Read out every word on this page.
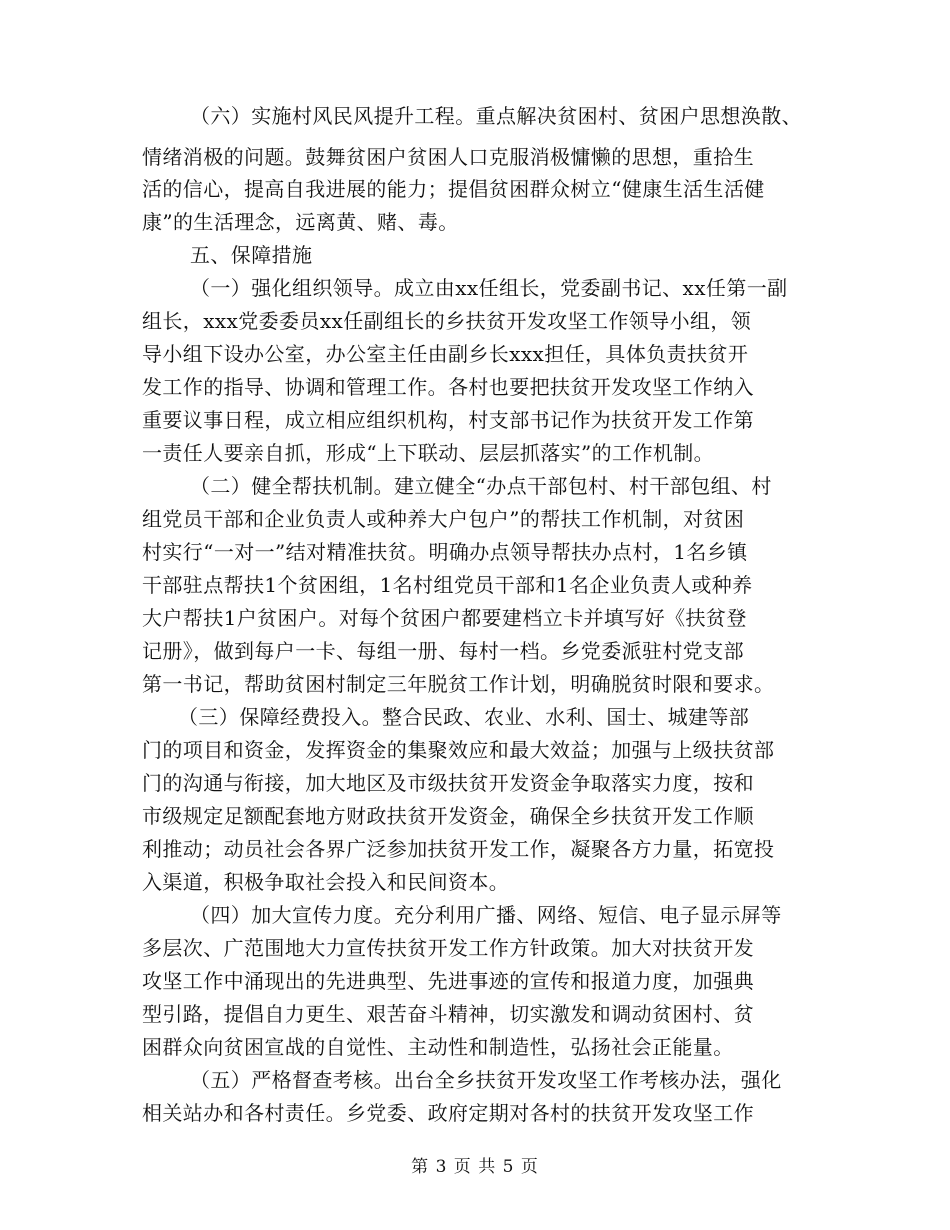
（六）实施村风民风提升工程。重点解决贫困村、贫困户思想涣散、
情绪消极的问题。鼓舞贫困户贫困人口克服消极慵懒的思想，重拾生
活的信心，提高自我进展的能力；提倡贫困群众树立“健康生活生活健
康”的生活理念，远离黄、赌、毒。
五、保障措施
（一）强化组织领导。成立由xx任组长，党委副书记、xx任第一副
组长，xxx党委委员xx任副组长的乡扶贫开发攻坚工作领导小组，领
导小组下设办公室，办公室主任由副乡长xxx担任，具体负责扶贫开
发工作的指导、协调和管理工作。各村也要把扶贫开发攻坚工作纳入
重要议事日程，成立相应组织机构，村支部书记作为扶贫开发工作第
一责任人要亲自抓，形成“上下联动、层层抓落实”的工作机制。
（二）健全帮扶机制。建立健全“办点干部包村、村干部包组、村
组党员干部和企业负责人或种养大户包户”的帮扶工作机制，对贫困
村实行“一对一”结对精准扶贫。明确办点领导帮扶办点村，1名乡镇
干部驻点帮扶1个贫困组，1名村组党员干部和1名企业负责人或种养
大户帮扶1户贫困户。对每个贫困户都要建档立卡并填写好《扶贫登
记册》，做到每户一卡、每组一册、每村一档。乡党委派驻村党支部
第一书记，帮助贫困村制定三年脱贫工作计划，明确脱贫时限和要求。
（三）保障经费投入。整合民政、农业、水利、国士、城建等部
门的项目和资金，发挥资金的集聚效应和最大效益；加强与上级扶贫部
门的沟通与衔接，加大地区及市级扶贫开发资金争取落实力度，按和
市级规定足额配套地方财政扶贫开发资金，确保全乡扶贫开发工作顺
利推动；动员社会各界广泛参加扶贫开发工作，凝聚各方力量，拓宽投
入渠道，积极争取社会投入和民间资本。
（四）加大宣传力度。充分利用广播、网络、短信、电子显示屏等
多层次、广范围地大力宣传扶贫开发工作方针政策。加大对扶贫开发
攻坚工作中涌现出的先进典型、先进事迹的宣传和报道力度，加强典
型引路，提倡自力更生、艰苦奋斗精神，切实激发和调动贫困村、贫
困群众向贫困宣战的自觉性、主动性和制造性，弘扬社会正能量。
（五）严格督查考核。出台全乡扶贫开发攻坚工作考核办法，强化
相关站办和各村责任。乡党委、政府定期对各村的扶贫开发攻坚工作
第 3 页 共 5 页
